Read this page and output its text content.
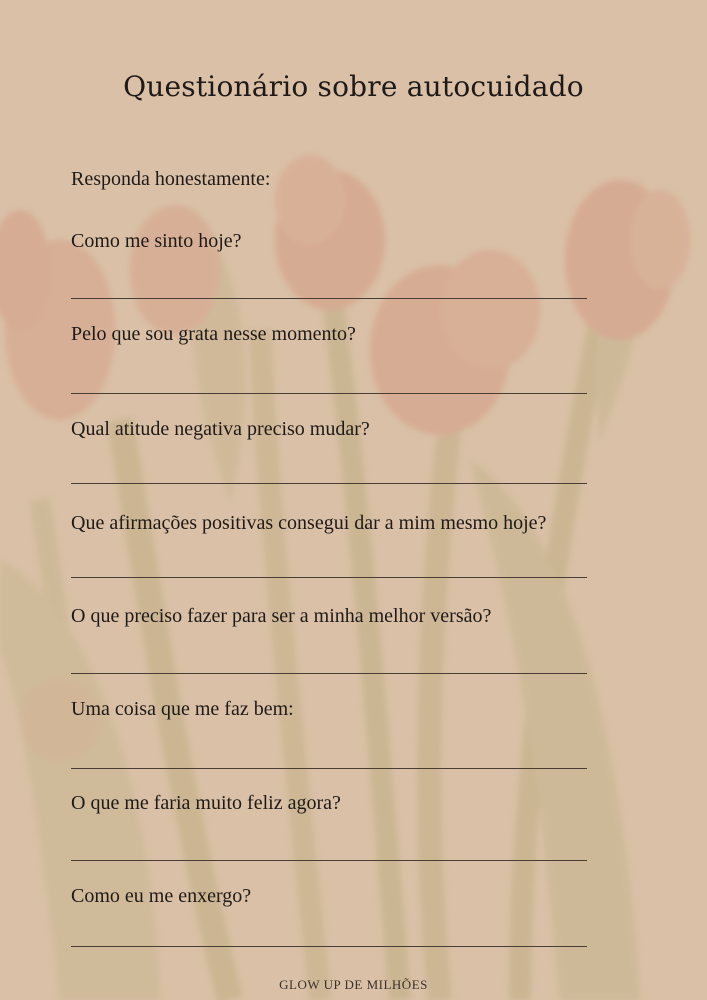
Questionário sobre autocuidado

Responda honestamente:

Como me sinto hoje?

Pelo que sou grata nesse momento?

Qual atitude negativa preciso mudar?

Que afirmações positivas consegui dar a mim mesmo hoje?

O que preciso fazer para ser a minha melhor versão?

Uma coisa que me faz bem:

O que me faria muito feliz agora?

Como eu me enxergo?

GLOW UP DE MILHÕES
